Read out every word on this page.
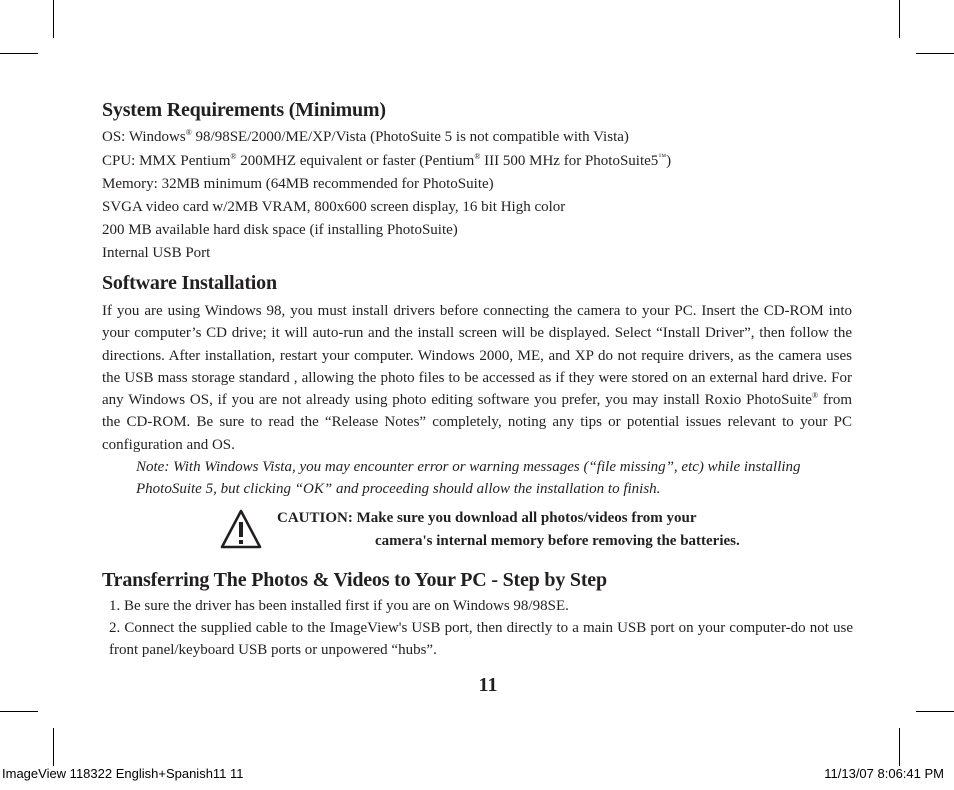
System Requirements (Minimum)
OS: Windows® 98/98SE/2000/ME/XP/Vista (PhotoSuite 5 is not compatible with Vista)
CPU: MMX Pentium® 200MHZ equivalent or faster (Pentium® III 500 MHz for PhotoSuite5™)
Memory: 32MB minimum (64MB recommended for PhotoSuite)
SVGA video card w/2MB VRAM, 800x600 screen display, 16 bit High color
200 MB available hard disk space (if installing PhotoSuite)
Internal USB Port
Software Installation

If you are using Windows 98, you must install drivers before connecting the camera to your PC. Insert the CD-ROM into your computer’s CD drive; it will auto-run and the install screen will be displayed. Select “Install Driver”, then follow the directions. After installation, restart your computer. Windows 2000, ME, and XP do not require drivers, as the camera uses the USB mass storage standard , allowing the photo files to be accessed as if they were stored on an external hard drive. For any Windows OS, if you are not already using photo editing software you prefer, you may install Roxio PhotoSuite® from the CD-ROM. Be sure to read the “Release Notes” completely, noting any tips or potential issues relevant to your PC configuration and OS.

Note: With Windows Vista, you may encounter error or warning messages (“file missing”, etc) while installing PhotoSuite 5, but clicking “OK” and proceeding should allow the installation to finish.

CAUTION: Make sure you download all photos/videos from your
camera's internal memory before removing the batteries.
Transferring The Photos & Videos to Your PC - Step by Step

1. Be sure the driver has been installed first if you are on Windows 98/98SE.

2. Connect the supplied cable to the ImageView's USB port, then directly to a main USB port on your computer-do not use front panel/keyboard USB ports or unpowered “hubs”.

11
ImageView 118322 English+Spanish11 11	11/13/07 8:06:41 PM
